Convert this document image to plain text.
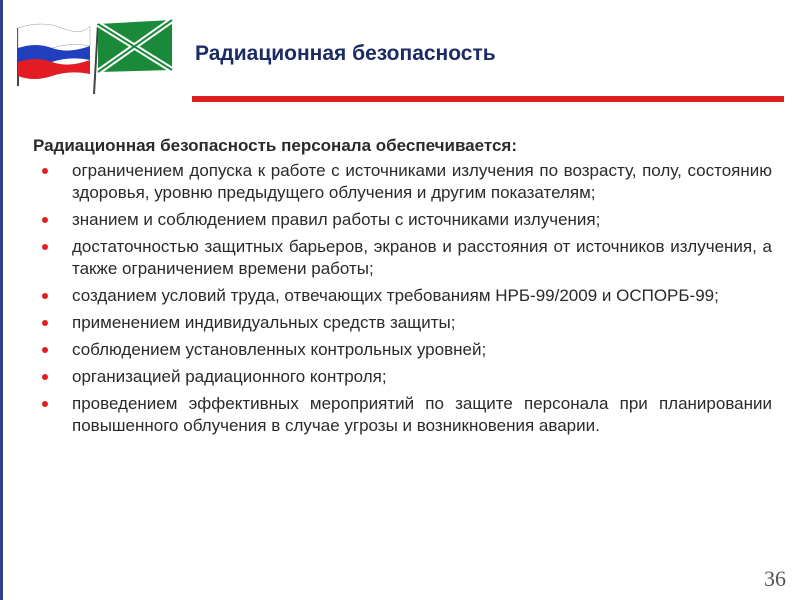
Радиационная безопасность
Радиационная безопасность персонала обеспечивается:
ограничением допуска к работе с источниками излучения по возрасту, полу, состоянию здоровья, уровню предыдущего облучения и другим показателям;
знанием и соблюдением правил работы с источниками излучения;
достаточностью защитных барьеров, экранов и расстояния от источников излучения, а также ограничением времени работы;
созданием условий труда, отвечающих требованиям НРБ-99/2009 и ОСПОРБ-99;
применением индивидуальных средств защиты;
соблюдением установленных контрольных уровней;
организацией радиационного контроля;
проведением эффективных мероприятий по защите персонала при планировании повышенного облучения в случае угрозы и возникновения аварии.
36
